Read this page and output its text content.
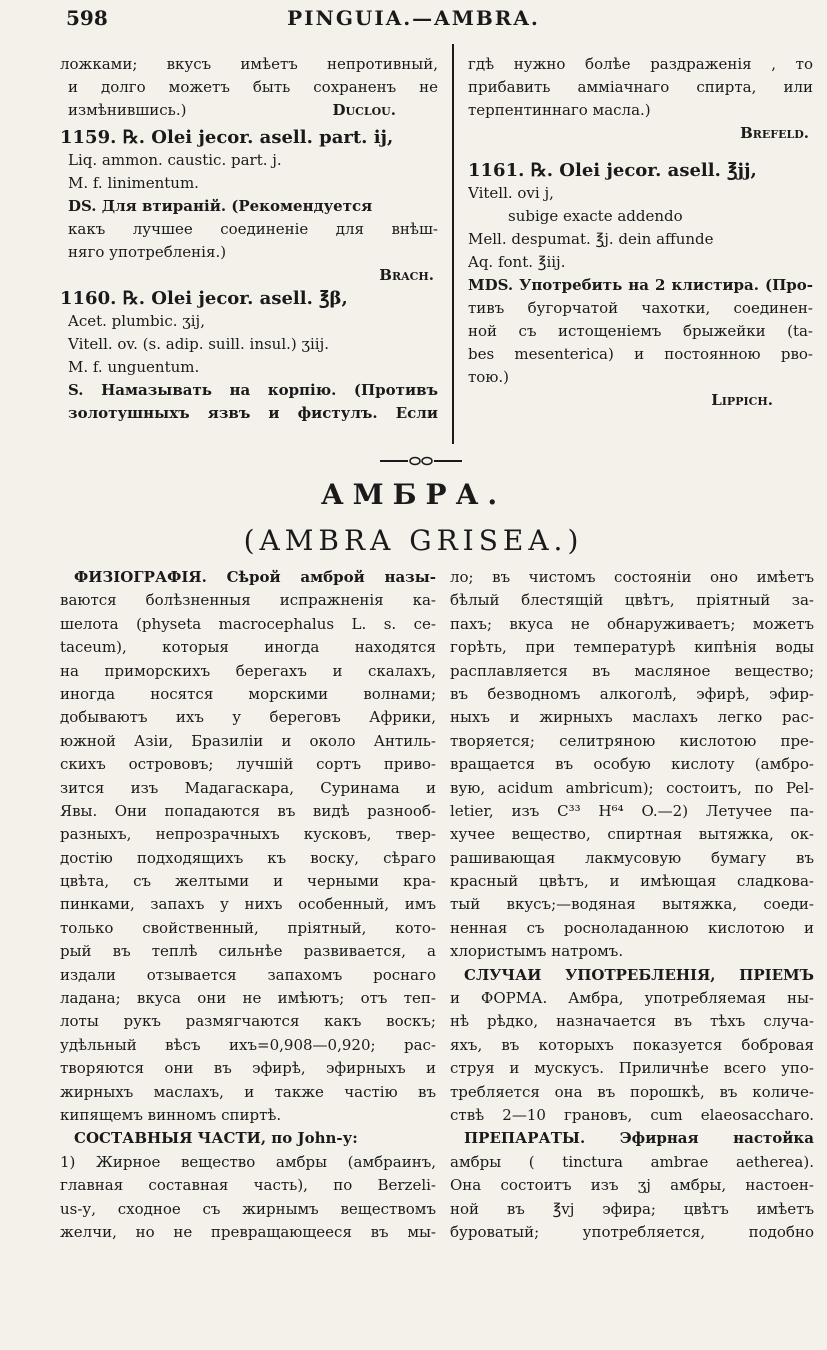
598	PINGUIA.—AMBRA.
ложками; вкусъ имѣетъ непротивный,
и долго можетъ быть сохраненъ не
измѣнившись.)	Duclou.
1159. ℞. Olei jecor. asell. part. ij,
Liq. ammon. caustic. part. j.
M. f. linimentum.
DS. Для втиранiй. (Рекомендуется
какъ лучшее соединенiе для внѣш-
няго употребленiя.)
Brach.
1160. ℞. Olei jecor. asell. ℥β,
Acet. plumbic. ʒij,
Vitell. ov. (s. adip. suill. insul.) ʒiij.
M. f. unguentum.
S. Намазывать на корпiю. (Противъ
золотушныхъ язвъ и фистулъ. Если
гдѣ нужно болѣе раздраженiя , то
прибавить амміачнаго спирта, или
терпентиннаго масла.)
Brefeld.
1161. ℞. Olei jecor. asell. ℥jj,
Vitell. ovi j,
subige exacte addendo
Mell. despumat. ℥j. dein affunde
Aq. font. ℥iij.
MDS. Употребить на 2 клистира. (Про-
тивъ бугорчатой чахотки, соединен-
ной съ истощенiемъ брыжейки (ta-
bes mesenterica) и постоянною рво-
тою.)
Lippich.
АМБРА.
(AMBRA GRISEA.)
ФИЗIОГРАФIЯ. Сѣрой амброй назы-
ваются болѣзненныя испражненiя ка-
шелота (physeta macrocephalus L. s. ce-
taceum), которыя иногда находятся
на приморскихъ берегахъ и скалахъ,
иногда носятся морскими волнами;
добываютъ ихъ у береговъ Африки,
южной Азiи, Бразилiи и около Антиль-
скихъ острововъ; лучшiй сортъ приво-
зится изъ Мадагаскара, Суринама и
Явы. Они попадаются въ видѣ разнооб-
разныхъ, непрозрачныхъ кусковъ, твер-
достiю подходящихъ къ воску, сѣраго
цвѣта, съ желтыми и черными кра-
пинками, запахъ у нихъ особенный, имъ
только свойственный, прiятный, кото-
рый въ теплѣ сильнѣе развивается, а
издали отзывается запахомъ роснаго
ладана; вкуса они не имѣютъ; отъ теп-
лоты рукъ размягчаются какъ воскъ;
удѣльный вѣсъ ихъ=0,908—0,920; рас-
творяются они въ эфирѣ, эфирныхъ и
жирныхъ маслахъ, и также частiю въ
кипящемъ винномъ спиртѣ.
СОСТАВНЫЯ ЧАСТИ, по John-у:
1) Жирное вещество амбры (амбраинъ,
главная составная часть), по Berzeli-
us-у, сходное съ жирнымъ веществомъ
желчи, но не превращающееся въ мы-
ло; въ чистомъ состоянiи оно имѣетъ
бѣлый блестящiй цвѣтъ, прiятный за-
пахъ; вкуса не обнаруживаетъ; можетъ
горѣть, при температурѣ кипѣнiя воды
расплавляется въ масляное вещество;
въ безводномъ алкоголѣ, эфирѣ, эфир-
ныхъ и жирныхъ маслахъ легко рас-
творяется; селитряною кислотою пре-
вращается въ особую кислоту (амбро-
вую, acidum ambricum); состоитъ, по Pel-
letier, изъ C³³ H⁶⁴ O.—2) Летучее па-
хучее вещество, спиртная вытяжка, ок-
рашивающая лакмусовую бумагу въ
красный цвѣтъ, и имѣющая сладкова-
тый вкусъ;—водяная вытяжка, соеди-
ненная съ росноладанною кислотою и
хлористымъ натромъ.
СЛУЧАИ УПОТРЕБЛЕНIЯ, ПРIЕМЪ
и ФОРМА. Амбра, употребляемая ны-
нѣ рѣдко, назначается въ тѣхъ случа-
яхъ, въ которыхъ показуется бобровая
струя и мускусъ. Приличнѣе всего упо-
требляется она въ порошкѣ, въ количе-
ствѣ 2—10 грановъ, cum elaeosaccharo.
ПРЕПАРАТЫ. Эфирная настойка
амбры ( tinctura ambrae aetherea).
Она состоитъ изъ ʒj амбры, настоен-
ной въ ℥vj эфира; цвѣтъ имѣетъ
буроватый; употребляется, подобно
